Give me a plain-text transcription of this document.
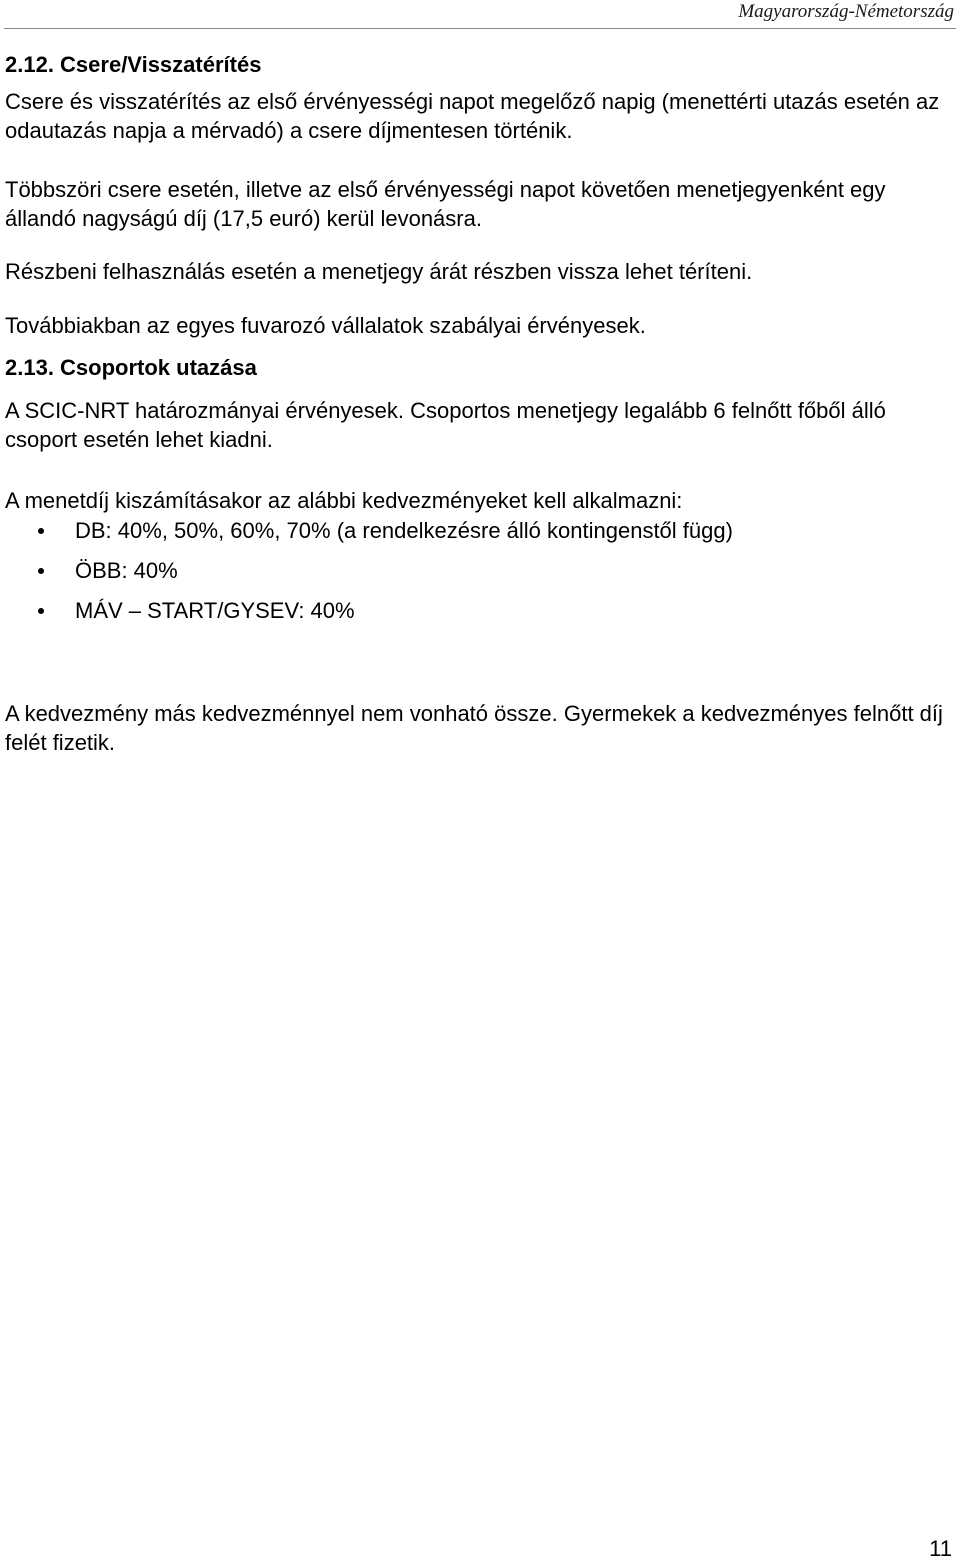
Magyarország-Németország
2.12. Csere/Visszatérítés

Csere és visszatérítés az első érvényességi napot megelőző napig (menettérti utazás esetén az odautazás napja a mérvadó) a csere díjmentesen történik.

Többszöri csere esetén, illetve az első érvényességi napot követően menetjegyenként egy állandó nagyságú díj (17,5 euró) kerül levonásra.

Részbeni felhasználás esetén a menetjegy árát részben vissza lehet téríteni.

Továbbiakban az egyes fuvarozó vállalatok szabályai érvényesek.

2.13. Csoportok utazása

A SCIC-NRT határozmányai érvényesek. Csoportos menetjegy legalább 6 felnőtt főből álló csoport esetén lehet kiadni.

A menetdíj kiszámításakor az alábbi kedvezményeket kell alkalmazni:

DB: 40%, 50%, 60%, 70% (a rendelkezésre álló kontingenstől függ)
ÖBB: 40%
MÁV – START/GYSEV: 40%

A kedvezmény más kedvezménnyel nem vonható össze. Gyermekek a kedvezményes felnőtt díj felét fizetik.

11
